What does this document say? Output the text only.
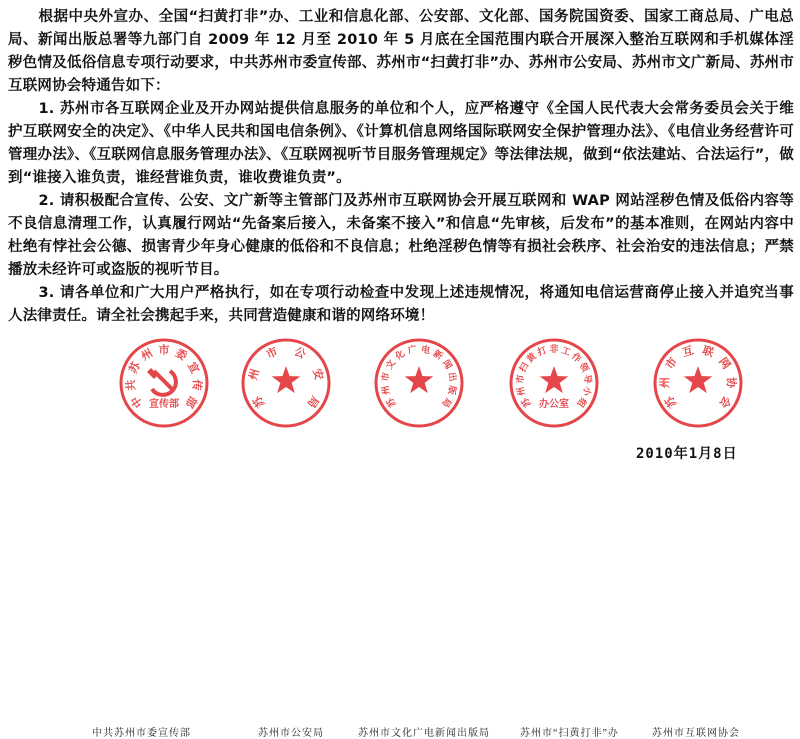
根据中央外宣办、全国“扫黄打非”办、工业和信息化部、公安部、文化部、国务院国资委、国家工商总局、广电总局、新闻出版总署等九部门自 2009 年 12 月至 2010 年 5 月底在全国范围内联合开展深入整治互联网和手机媒体淫秽色情及低俗信息专项行动要求，中共苏州市委宣传部、苏州市“扫黄打非”办、苏州市公安局、苏州市文广新局、苏州市互联网协会特通告如下：

1. 苏州市各互联网企业及开办网站提供信息服务的单位和个人，应严格遵守《全国人民代表大会常务委员会关于维护互联网安全的决定》、《中华人民共和国电信条例》、《计算机信息网络国际联网安全保护管理办法》、《电信业务经营许可管理办法》、《互联网信息服务管理办法》、《互联网视听节目服务管理规定》等法律法规，做到“依法建站、合法运行”，做到“谁接入谁负责，谁经营谁负责，谁收费谁负责”。

2. 请积极配合宣传、公安、文广新等主管部门及苏州市互联网协会开展互联网和 WAP 网站淫秽色情及低俗内容等不良信息清理工作，认真履行网站“先备案后接入，未备案不接入”和信息“先审核，后发布”的基本准则，在网站内容中杜绝有悖社会公德、损害青少年身心健康的低俗和不良信息；杜绝淫秽色情等有损社会秩序、社会治安的违法信息；严禁播放未经许可或盗版的视听节目。

3. 请各单位和广大用户严格执行，如在专项行动检查中发现上述违规情况，将通知电信运营商停止接入并追究当事人法律责任。请全社会携起手来，共同营造健康和谐的网络环境！

中共苏州市委宣传部	苏州市公安局	苏州市文化广电新闻出版局	苏州市“扫黄打非”办	苏州市互联网协会
中
共
苏
州 市 委
宣
传
部
宣传部	苏
州
市 公
安
局	苏
州
市
文
化 广 电 新
闻
出
版
局	苏
州
市
扫
黄
打 非 工
作
领
导
小
组
办公室	苏
州
市
互 联
网
协
会
2010年1月8日
